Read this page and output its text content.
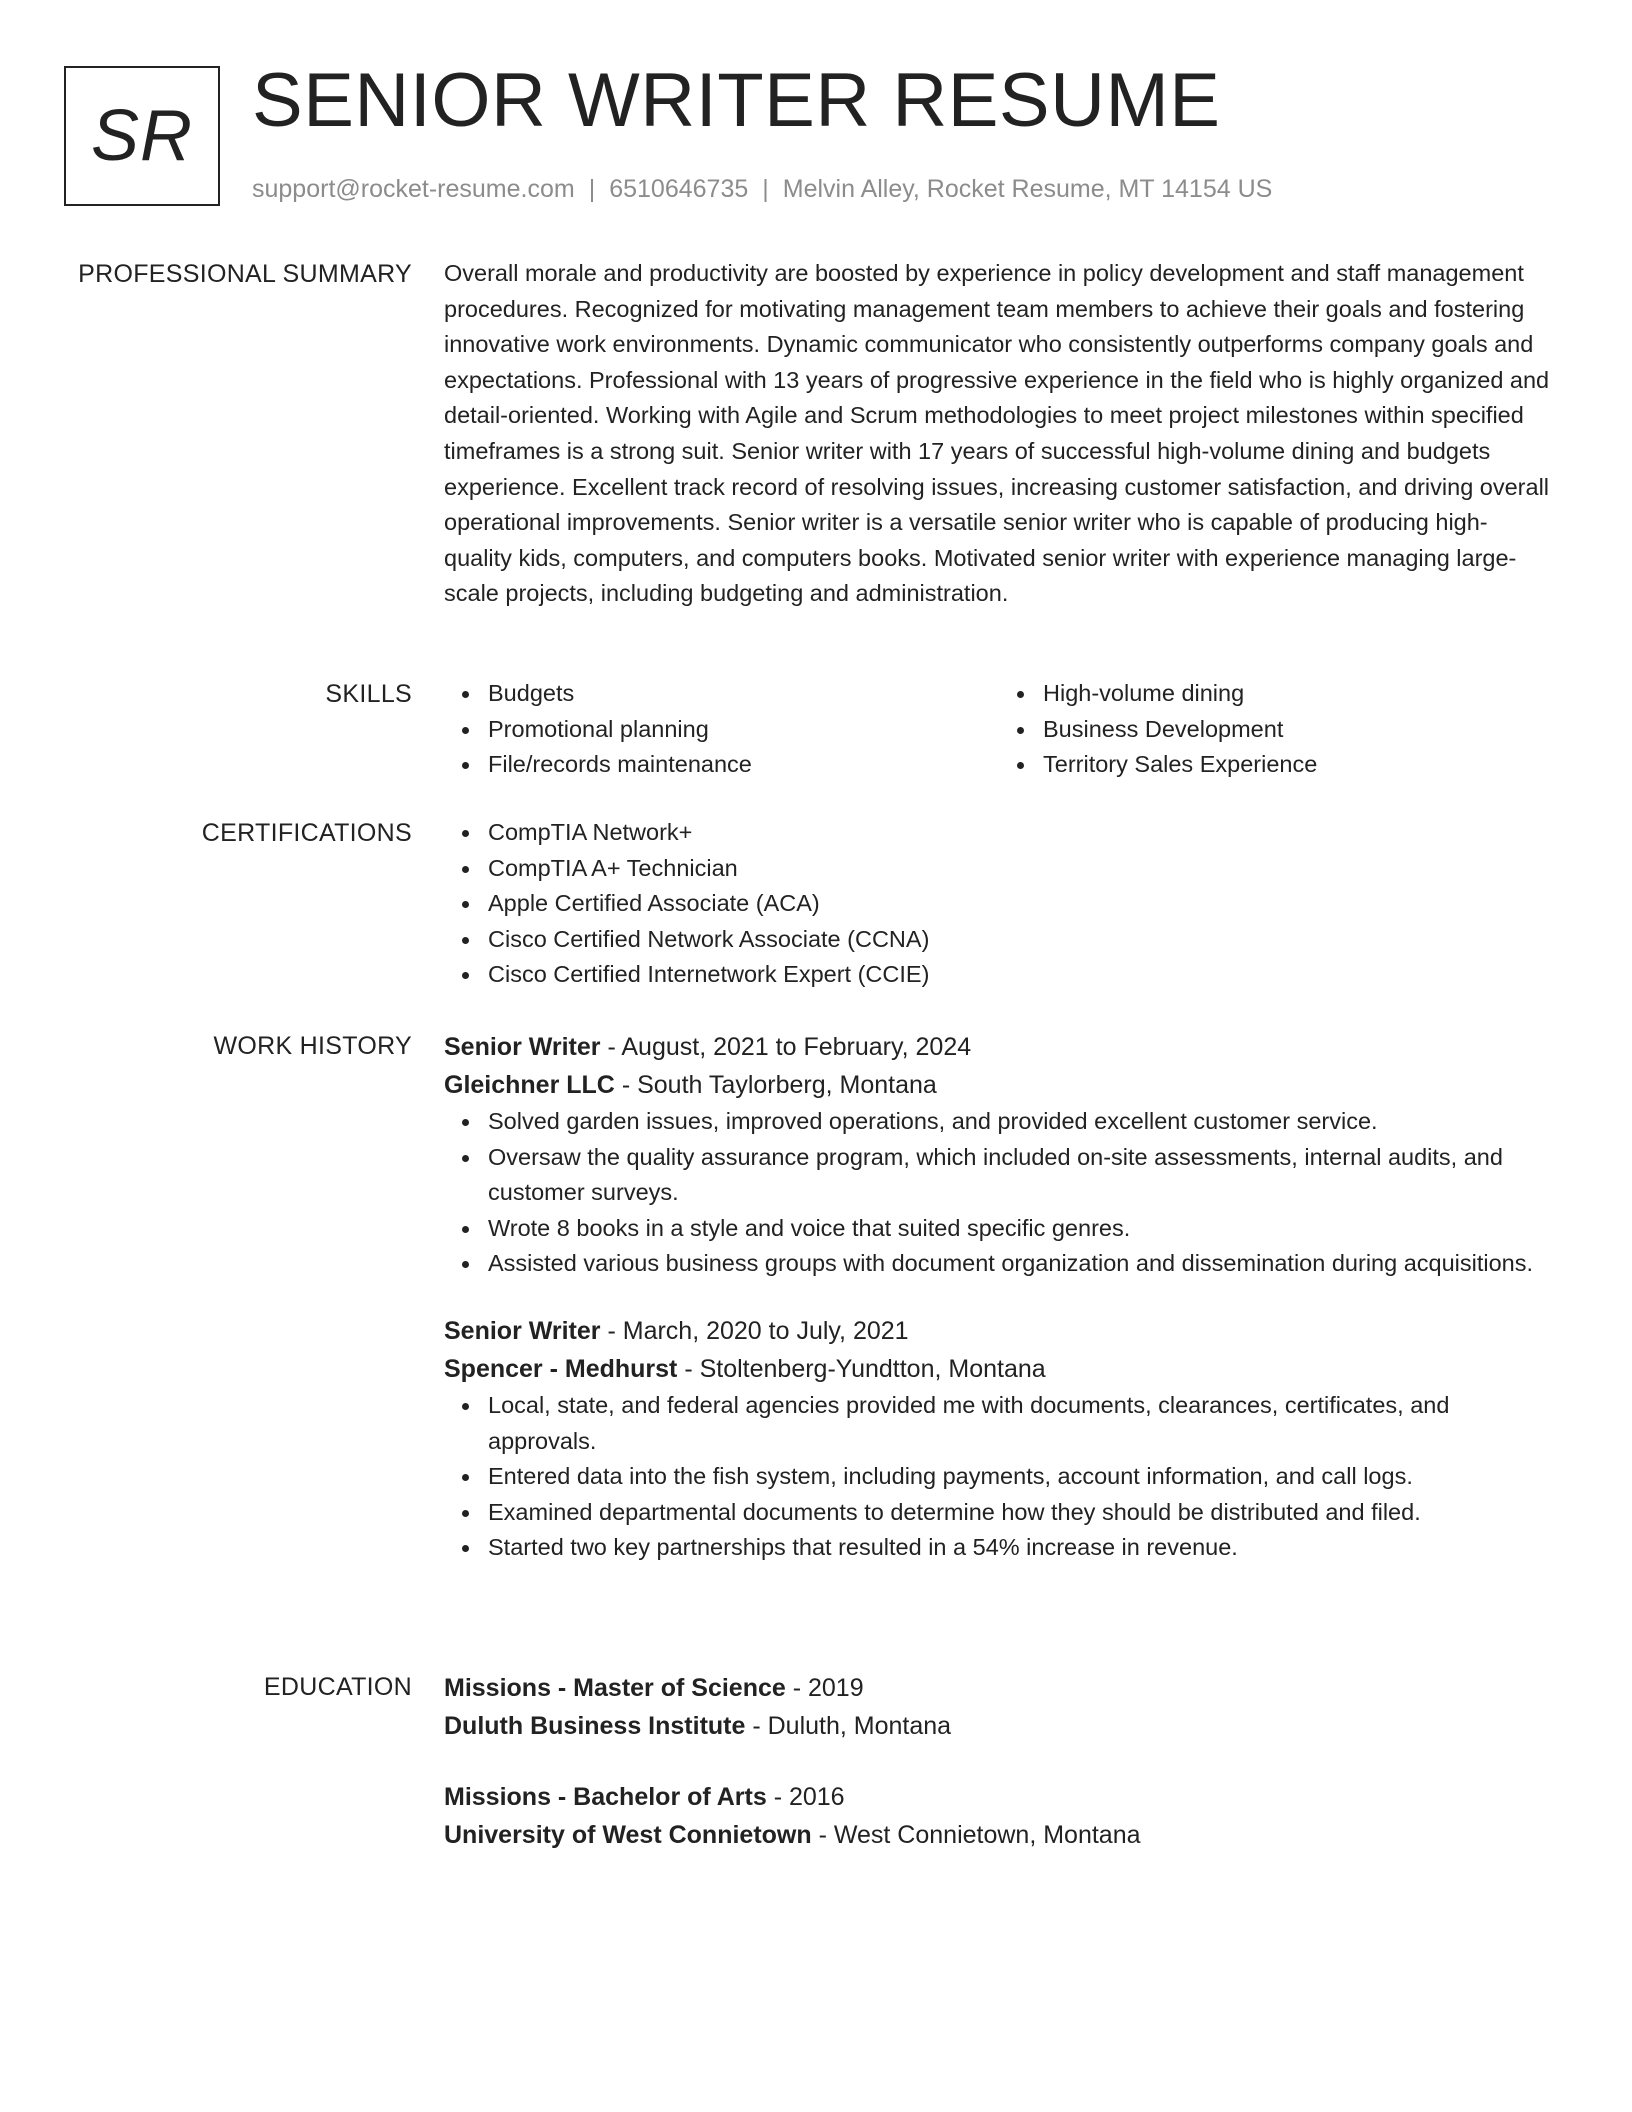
SR SENIOR WRITER RESUME
support@rocket-resume.com | 6510646735 | Melvin Alley, Rocket Resume, MT 14154 US
PROFESSIONAL SUMMARY Overall morale and productivity are boosted by experience in policy development and staff management procedures. Recognized for motivating management team members to achieve their goals and fostering innovative work environments. Dynamic communicator who consistently outperforms company goals and expectations. Professional with 13 years of progressive experience in the field who is highly organized and detail-oriented. Working with Agile and Scrum methodologies to meet project milestones within specified timeframes is a strong suit. Senior writer with 17 years of successful high-volume dining and budgets experience. Excellent track record of resolving issues, increasing customer satisfaction, and driving overall operational improvements. Senior writer is a versatile senior writer who is capable of producing high-quality kids, computers, and computers books. Motivated senior writer with experience managing large-scale projects, including budgeting and administration.

SKILLS	Budgets
Promotional planning
File/records maintenance
High-volume dining
Business Development
Territory Sales Experience
CERTIFICATIONS	CompTIA Network+
CompTIA A+ Technician
Apple Certified Associate (ACA)
Cisco Certified Network Associate (CCNA)
Cisco Certified Internetwork Expert (CCIE)
WORK HISTORY Senior Writer - August, 2021 to February, 2024
Gleichner LLC - South Taylorberg, Montana
Solved garden issues, improved operations, and provided excellent customer service.
Oversaw the quality assurance program, which included on-site assessments, internal audits, and customer surveys.
Wrote 8 books in a style and voice that suited specific genres.
Assisted various business groups with document organization and dissemination during acquisitions.
Senior Writer - March, 2020 to July, 2021
Spencer - Medhurst - Stoltenberg-Yundtton, Montana
Local, state, and federal agencies provided me with documents, clearances, certificates, and approvals.
Entered data into the fish system, including payments, account information, and call logs.
Examined departmental documents to determine how they should be distributed and filed.
Started two key partnerships that resulted in a 54% increase in revenue.
EDUCATION Missions - Master of Science - 2019
Duluth Business Institute - Duluth, Montana
Missions - Bachelor of Arts - 2016
University of West Connietown - West Connietown, Montana
